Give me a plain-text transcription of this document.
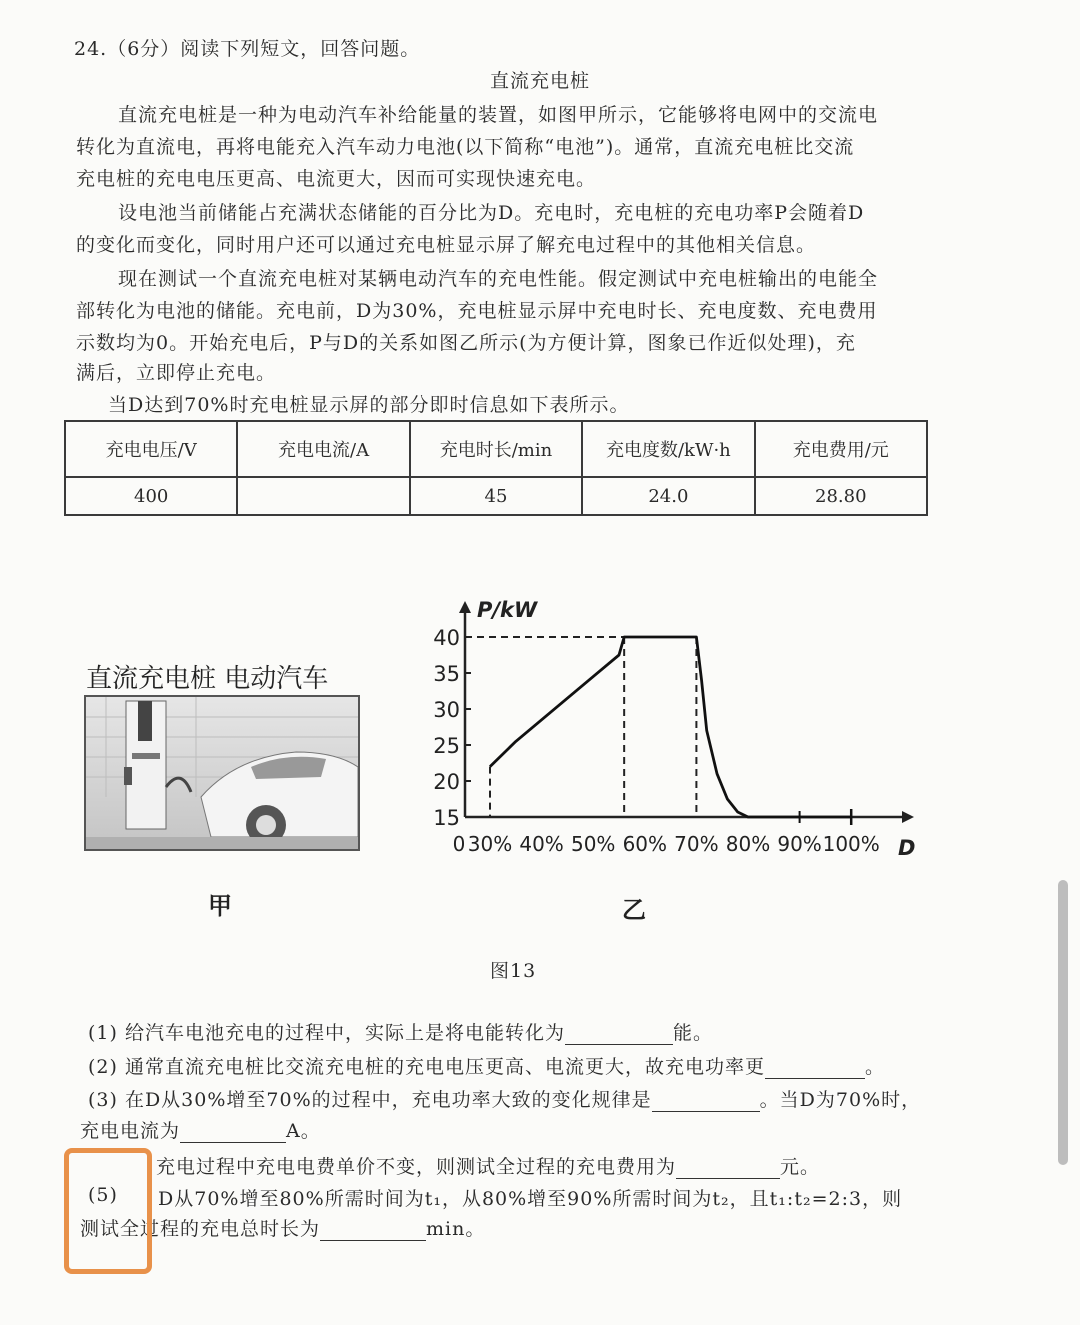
24.（6分）阅读下列短文，回答问题。
直流充电桩
直流充电桩是一种为电动汽车补给能量的装置，如图甲所示，它能够将电网中的交流电
转化为直流电，再将电能充入汽车动力电池(以下简称“电池”)。通常，直流充电桩比交流
充电桩的充电电压更高、电流更大，因而可实现快速充电。
设电池当前储能占充满状态储能的百分比为D。充电时，充电桩的充电功率P会随着D
的变化而变化，同时用户还可以通过充电桩显示屏了解充电过程中的其他相关信息。
现在测试一个直流充电桩对某辆电动汽车的充电性能。假定测试中充电桩输出的电能全
部转化为电池的储能。充电前，D为30%，充电桩显示屏中充电时长、充电度数、充电费用
示数均为0。开始充电后，P与D的关系如图乙所示(为方便计算，图象已作近似处理)，充
满后，立即停止充电。
当D达到70%时充电桩显示屏的部分即时信息如下表所示。
充电电压/V	充电电流/A	充电时长/min	充电度数/kW·h	充电费用/元
400		45	24.0	28.80
直流充电桩 电动汽车
甲
15
20
25
30
35
40
0 30% 40% 50% 60% 70% 80% 90% 100%
P/kW
D
乙
图13
(1) 给汽车电池充电的过程中，实际上是将电能转化为	能。
(2) 通常直流充电桩比交流充电桩的充电电压更高、电流更大，故充电功率更	。
(3) 在D从30%增至70%的过程中，充电功率大致的变化规律是	。当D为70%时，
充电电流为	A。
充电过程中充电电费单价不变，则测试全过程的充电费用为	元。
(5) D从70%增至80%所需时间为t₁，从80%增至90%所需时间为t₂，且t₁:t₂=2:3，则
测试全过程的充电总时长为	min。
